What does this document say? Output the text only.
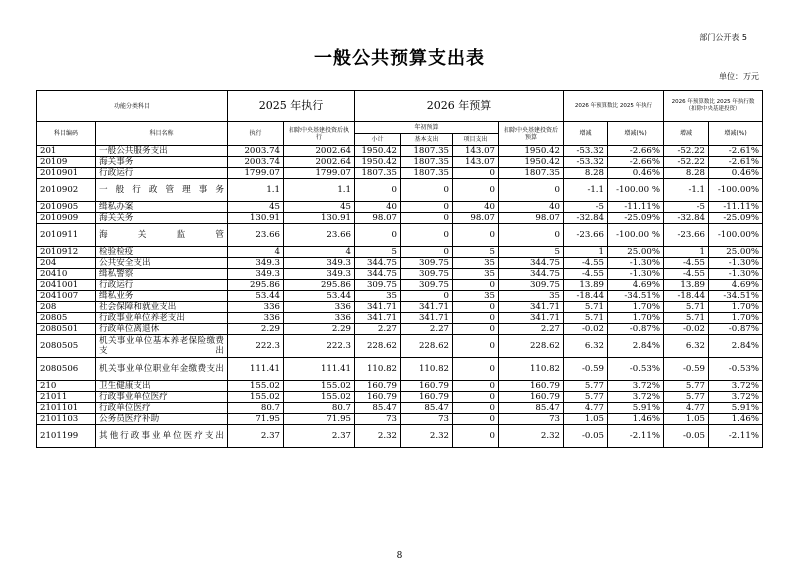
部门公开表 5
一般公共预算支出表
单位：万元
功能分类科目		2025 年执行		2026 年预算				2026 年预算数比 2025 年执行		2026 年预算数比 2025 年执行数 （扣除中央基建投资）	
科目编码	科目名称	执行	扣除中央基建投资后执行	年初预算			扣除中央基建投资后预算	增减	增减(%)	增减	增减(%)
				小计	基本支出	项目支出					
201	一般公共服务支出	2003.74	2002.64	1950.42	1807.35	143.07	1950.42	-53.32	-2.66%	-52.22	-2.61%
20109	海关事务	2003.74	2002.64	1950.42	1807.35	143.07	1950.42	-53.32	-2.66%	-52.22	-2.61%
2010901	行政运行	1799.07	1799.07	1807.35	1807.35	0	1807.35	8.28	0.46%	8.28	0.46%
2010902	一般行政管理事务	1.1	1.1	0	0	0	0	-1.1	-100.00 %	-1.1	-100.00%
2010905	缉私办案	45	45	40	0	40	40	-5	-11.11%	-5	-11.11%
2010909	海关关务	130.91	130.91	98.07	0	98.07	98.07	-32.84	-25.09%	-32.84	-25.09%
2010911	海关监管	23.66	23.66	0	0	0	0	-23.66	-100.00 %	-23.66	-100.00%
2010912	检验检疫	4	4	5	0	5	5	1	25.00%	1	25.00%
204	公共安全支出	349.3	349.3	344.75	309.75	35	344.75	-4.55	-1.30%	-4.55	-1.30%
20410	缉私警察	349.3	349.3	344.75	309.75	35	344.75	-4.55	-1.30%	-4.55	-1.30%
2041001	行政运行	295.86	295.86	309.75	309.75	0	309.75	13.89	4.69%	13.89	4.69%
2041007	缉私业务	53.44	53.44	35	0	35	35	-18.44	-34.51%	-18.44	-34.51%
208	社会保障和就业支出	336	336	341.71	341.71	0	341.71	5.71	1.70%	5.71	1.70%
20805	行政事业单位养老支出	336	336	341.71	341.71	0	341.71	5.71	1.70%	5.71	1.70%
2080501	行政单位离退休	2.29	2.29	2.27	2.27	0	2.27	-0.02	-0.87%	-0.02	-0.87%
2080505	机关事业单位基本养老保险缴费支出	222.3	222.3	228.62	228.62	0	228.62	6.32	2.84%	6.32	2.84%
2080506	机关事业单位职业年金缴费支出	111.41	111.41	110.82	110.82	0	110.82	-0.59	-0.53%	-0.59	-0.53%
210	卫生健康支出	155.02	155.02	160.79	160.79	0	160.79	5.77	3.72%	5.77	3.72%
21011	行政事业单位医疗	155.02	155.02	160.79	160.79	0	160.79	5.77	3.72%	5.77	3.72%
2101101	行政单位医疗	80.7	80.7	85.47	85.47	0	85.47	4.77	5.91%	4.77	5.91%
2101103	公务员医疗补助	71.95	71.95	73	73	0	73	1.05	1.46%	1.05	1.46%
2101199	其他行政事业单位医疗支出	2.37	2.37	2.32	2.32	0	2.32	-0.05	-2.11%	-0.05	-2.11%
8
